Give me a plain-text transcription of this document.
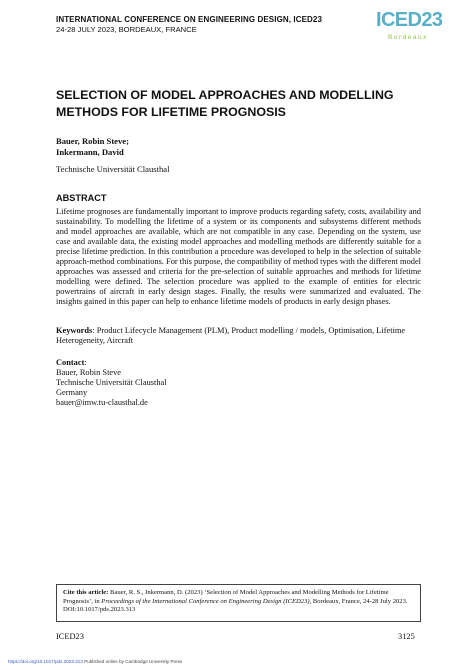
INTERNATIONAL CONFERENCE ON ENGINEERING DESIGN, ICED23
24-28 JULY 2023, BORDEAUX, FRANCE	ICED23
Bordeaux
SELECTION OF MODEL APPROACHES AND MODELLING
METHODS FOR LIFETIME PROGNOSIS
Bauer, Robin Steve;
Inkermann, David
Technische Universität Clausthal
ABSTRACT
Lifetime prognoses are fundamentally important to improve products regarding safety, costs, availability and sustainability. To modelling the lifetime of a system or its components and subsystems different methods and model approaches are available, which are not compatible in any case. Depending on the system, use case and available data, the existing model approaches and modelling methods are differently suitable for a precise lifetime prediction. In this contribution a procedure was developed to help in the selection of suitable approach-method combinations. For this purpose, the compatibility of method types with the different model approaches was assessed and criteria for the pre-selection of suitable approaches and methods for lifetime modelling were defined. The selection procedure was applied to the example of entities for electric powertrains of aircraft in early design stages. Finally, the results were summarized and evaluated. The insights gained in this paper can help to enhance lifetime models of products in early design phases.
Keywords: Product Lifecycle Management (PLM), Product modelling / models, Optimisation, Lifetime Heterogeneity, Aircraft
Contact:
Bauer, Robin Steve
Technische Universität Clausthal
Germany
bauer@imw.tu-clausthal.de
Cite this article: Bauer, R. S., Inkermann, D. (2023) ‘Selection of Model Approaches and Modelling Methods for Lifetime Prognosis’, in Proceedings of the International Conference on Engineering Design (ICED23), Bordeaux, France, 24-28 July 2023. DOI:10.1017/pds.2023.313
ICED23	3125
https://doi.org/10.1017/pds.2023.313 Published online by Cambridge University Press
